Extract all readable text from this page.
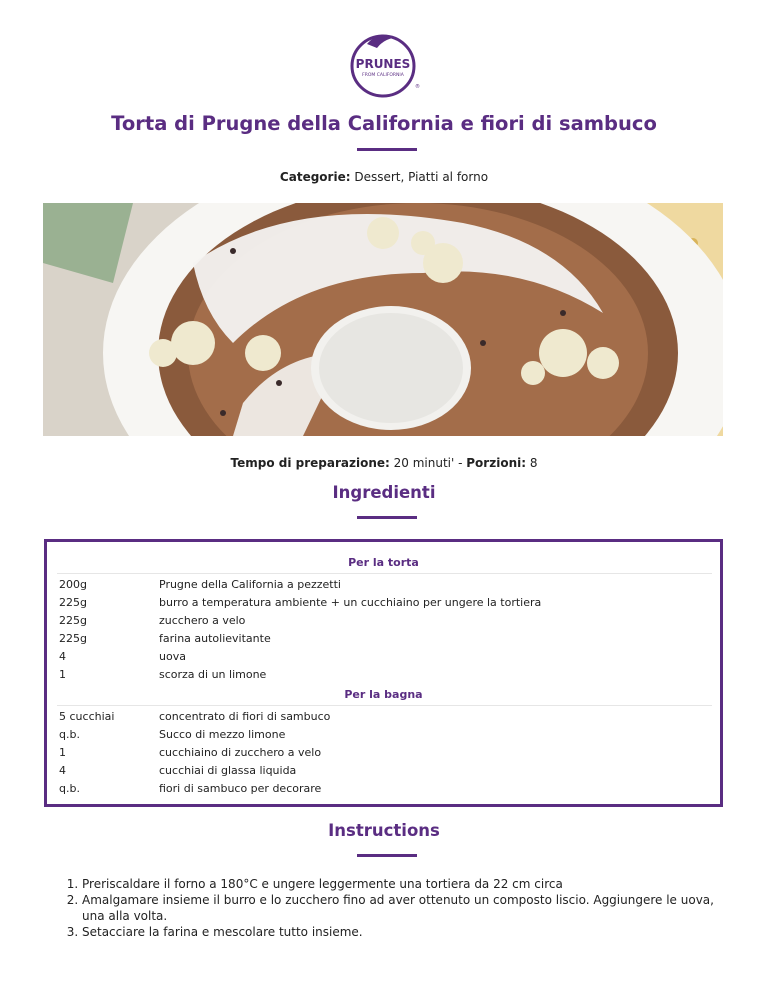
PRUNES
FROM CALIFORNIA
®
Torta di Prugne della California e fiori di sambuco
Categorie: Dessert, Piatti al forno
Tempo di preparazione: 20 minuti' - Porzioni: 8
Ingredienti
Per la torta
200g	Prugne della California a pezzetti
225g	burro a temperatura ambiente + un cucchiaino per ungere la tortiera
225g	zucchero a velo
225g	farina autolievitante
4	uova
1	scorza di un limone
Per la bagna
5 cucchiai	concentrato di fiori di sambuco
q.b.	Succo di mezzo limone
1	cucchiaino di zucchero a velo
4	cucchiai di glassa liquida
q.b.	fiori di sambuco per decorare
Instructions
1. Preriscaldare il forno a 180°C e ungere leggermente una tortiera da 22 cm circa
2. Amalgamare insieme il burro e lo zucchero fino ad aver ottenuto un composto liscio. Aggiungere le uova, una alla volta.
3. Setacciare la farina e mescolare tutto insieme.
